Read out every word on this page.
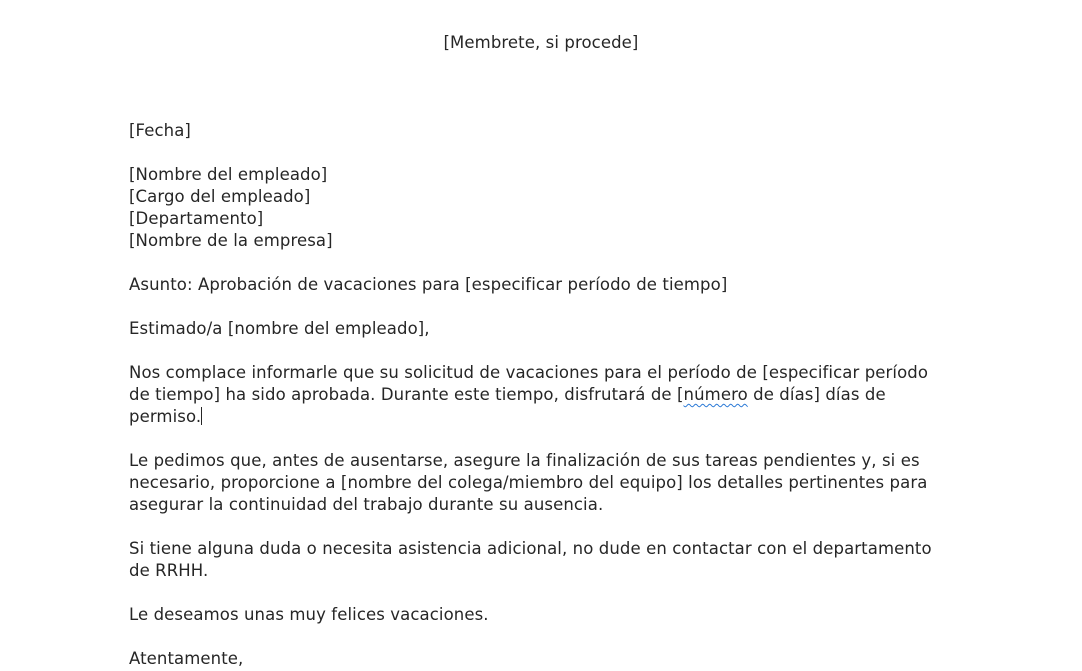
[Membrete, si procede]

[Fecha]

[Nombre del empleado]

[Cargo del empleado]

[Departamento]

[Nombre de la empresa]

Asunto: Aprobación de vacaciones para [especificar período de tiempo]

Estimado/a [nombre del empleado],

Nos complace informarle que su solicitud de vacaciones para el período de [especificar período

de tiempo] ha sido aprobada. Durante este tiempo, disfrutará de [número de días] días de

permiso.

Le pedimos que, antes de ausentarse, asegure la finalización de sus tareas pendientes y, si es

necesario, proporcione a [nombre del colega/miembro del equipo] los detalles pertinentes para

asegurar la continuidad del trabajo durante su ausencia.

Si tiene alguna duda o necesita asistencia adicional, no dude en contactar con el departamento

de RRHH.

Le deseamos unas muy felices vacaciones.

Atentamente,
